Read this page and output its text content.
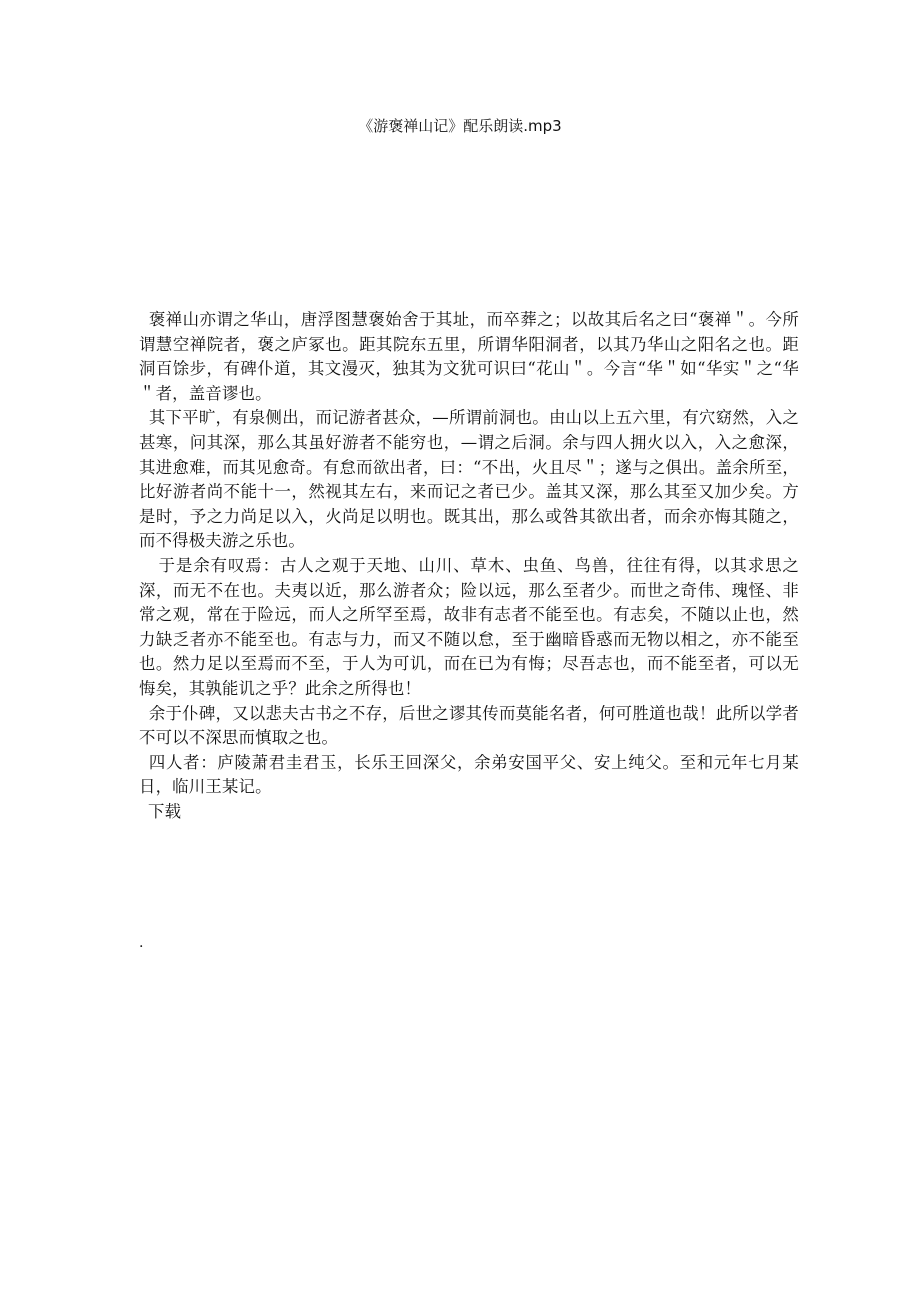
《游褒禅山记》配乐朗读.mp3

褒禅山亦谓之华山，唐浮图慧褒始舍于其址，而卒葬之；以故其后名之曰“褒禅＂。今所谓慧空禅院者，褒之庐冢也。距其院东五里，所谓华阳洞者，以其乃华山之阳名之也。距洞百馀步，有碑仆道，其文漫灭，独其为文犹可识曰“花山＂。今言“华＂如“华实＂之“华＂者，盖音谬也。

其下平旷，有泉侧出，而记游者甚众，—所谓前洞也。由山以上五六里，有穴窈然，入之甚寒，问其深，那么其虽好游者不能穷也，—谓之后洞。余与四人拥火以入，入之愈深，其进愈难，而其见愈奇。有怠而欲出者，曰：“不出，火且尽＂；遂与之俱出。盖余所至，比好游者尚不能十一，然视其左右，来而记之者已少。盖其又深，那么其至又加少矣。方是时，予之力尚足以入，火尚足以明也。既其出，那么或咎其欲出者，而余亦悔其随之，而不得极夫游之乐也。

于是余有叹焉：古人之观于天地、山川、草木、虫鱼、鸟兽，往往有得，以其求思之深，而无不在也。夫夷以近，那么游者众；险以远，那么至者少。而世之奇伟、瑰怪、非常之观，常在于险远，而人之所罕至焉，故非有志者不能至也。有志矣，不随以止也，然力缺乏者亦不能至也。有志与力，而又不随以怠，至于幽暗昏惑而无物以相之，亦不能至也。然力足以至焉而不至，于人为可讥，而在已为有悔；尽吾志也，而不能至者，可以无悔矣，其孰能讥之乎？此余之所得也！

余于仆碑，又以悲夫古书之不存，后世之谬其传而莫能名者，何可胜道也哉！此所以学者不可以不深思而慎取之也。

四人者：庐陵萧君圭君玉，长乐王回深父，余弟安国平父、安上纯父。至和元年七月某日，临川王某记。

下载
.
